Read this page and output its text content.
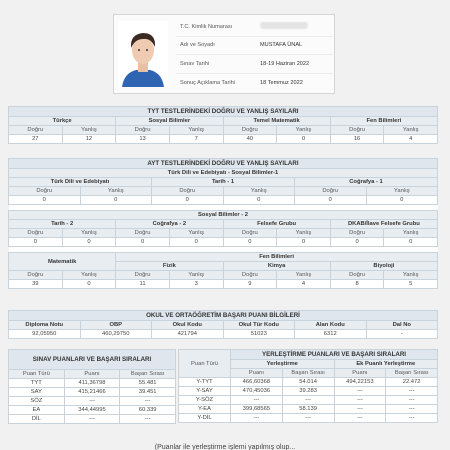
T.C. Kimlik Numarası
Adı ve Soyadı	MUSTAFA ÜNAL
Sınav Tarihi	18-19 Haziran 2022
Sonuç Açıklama Tarihi	18 Temmuz 2022
TYT TESTLERİNDEKİ DOĞRU VE YANLIŞ SAYILARI							
Türkçe		Sosyal Bilimler		Temel Matematik		Fen Bilimleri	
Doğru	Yanlış	Doğru	Yanlış	Doğru	Yanlış	Doğru	Yanlış
27	12	13	7	40	0	16	4
AYT TESTLERİNDEKİ DOĞRU VE YANLIŞ SAYILARI											
Türk Dili ve Edebiyatı - Sosyal Bilimler-1											
Türk Dili ve Edebiyatı				Tarih - 1				Coğrafya - 1			
Doğru		Yanlış		Doğru		Yanlış		Doğru		Yanlış	
0		0		0		0		0		0	

Sosyal Bilimler - 2											
Tarih - 2			Coğrafya - 2			Felsefe Grubu			DKAB/İlave Felsefe Grubu		
Doğru	Yanlış		Doğru		Yanlış	Doğru	Yanlış		Doğru		Yanlış
0	0		0		0	0	0		0		0

Matematik			Fen Bilimleri								
			Fizik			Kimya			Biyoloji		
Doğru	Yanlış		Doğru		Yanlış	Doğru	Yanlış		Doğru		Yanlış
39	0		11		3	9	4		8		5
OKUL VE ORTAÖĞRETİM BAŞARI PUANI BİLGİLERİ					
Diploma Notu	OBP	Okul Kodu	Okul Tür Kodu	Alan Kodu	Dal No
92,05950	460,29750	421794	51023	6312	-
SINAV PUANLARI VE BAŞARI SIRALARI		
Puan Türü	Puanı	Başarı Sırası
TYT	411,36798	55.481
SAY	415,21466	39.451
SÖZ	---	---
EA	344,44995	60.339
DİL	---	---
Puan Türü	YERLEŞTİRME PUANLARI VE BAŞARI SIRALARI			
	Yerleştirme		Ek Puanlı Yerleştirme	
	Puanı	Başarı Sırası	Puanı	Başarı Sırası
Y-TYT	466,60368	54.014	494,22153	22.472
Y-SAY	470,45036	39.283	---	---
Y-SÖZ	---	---	---	---
Y-EA	399,68565	58.139	---	---
Y-DİL	---	---	---	---
(Puanlar ile yerleştirme işlemi yapılmış olup...
